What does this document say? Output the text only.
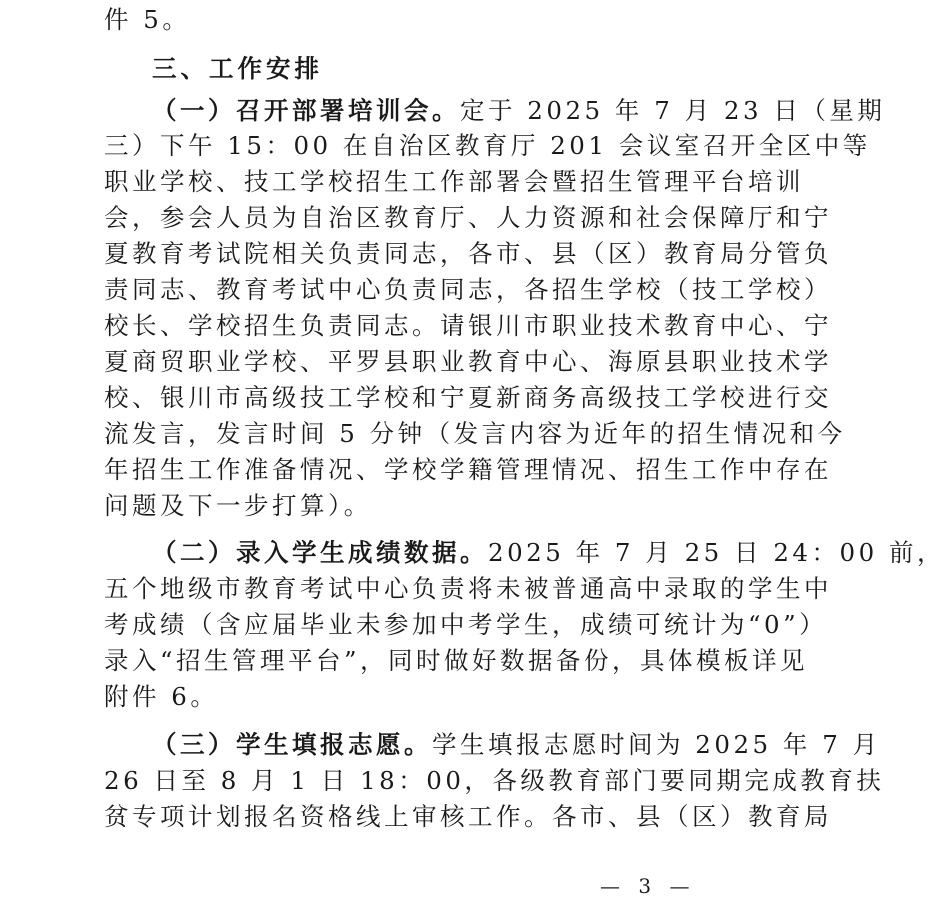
件 5。
三、工作安排
（一）召开部署培训会。定于 2025 年 7 月 23 日（星期
三）下午 15：00 在自治区教育厅 201 会议室召开全区中等
职业学校、技工学校招生工作部署会暨招生管理平台培训
会，参会人员为自治区教育厅、人力资源和社会保障厅和宁
夏教育考试院相关负责同志，各市、县（区）教育局分管负
责同志、教育考试中心负责同志，各招生学校（技工学校）
校长、学校招生负责同志。请银川市职业技术教育中心、宁
夏商贸职业学校、平罗县职业教育中心、海原县职业技术学
校、银川市高级技工学校和宁夏新商务高级技工学校进行交
流发言，发言时间 5 分钟（发言内容为近年的招生情况和今
年招生工作准备情况、学校学籍管理情况、招生工作中存在
问题及下一步打算）。
（二）录入学生成绩数据。2025 年 7 月 25 日 24：00 前，
五个地级市教育考试中心负责将未被普通高中录取的学生中
考成绩（含应届毕业未参加中考学生，成绩可统计为“0”）
录入“招生管理平台”，同时做好数据备份，具体模板详见
附件 6。
（三）学生填报志愿。学生填报志愿时间为 2025 年 7 月
26 日至 8 月 1 日 18：00，各级教育部门要同期完成教育扶
贫专项计划报名资格线上审核工作。各市、县（区）教育局
— 3 —
